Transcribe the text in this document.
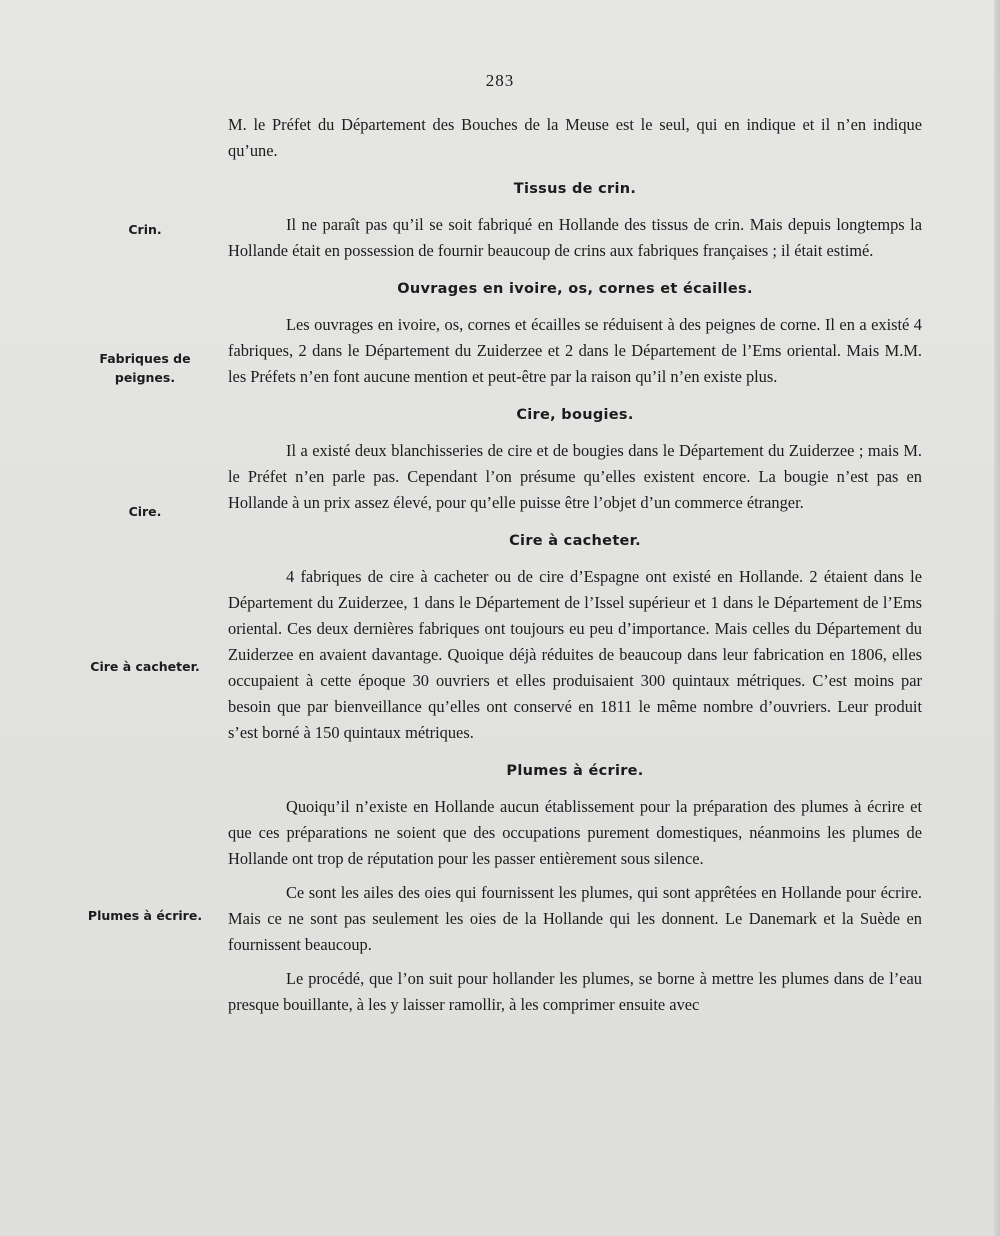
283
Crin.
Fabriques de
peignes.
Cire.
Cire à cacheter.
Plumes à écrire.

M. le Préfet du Département des Bouches de la Meuse est le seul, qui en indique et il n’en indique qu’une.

Tissus de crin.

Il ne paraît pas qu’il se soit fabriqué en Hollande des tissus de crin. Mais depuis longtemps la Hollande était en possession de fournir beaucoup de crins aux fabriques françaises ; il était estimé.

Ouvrages en ivoire, os, cornes et écailles.

Les ouvrages en ivoire, os, cornes et écailles se réduisent à des peignes de corne. Il en a existé 4 fabriques, 2 dans le Département du Zuiderzee et 2 dans le Département de l’Ems oriental. Mais M.M. les Préfets n’en font aucune mention et peut-être par la raison qu’il n’en existe plus.

Cire, bougies.

Il a existé deux blanchisseries de cire et de bougies dans le Département du Zuiderzee ; mais M. le Préfet n’en parle pas. Cependant l’on présume qu’elles existent encore. La bougie n’est pas en Hollande à un prix assez élevé, pour qu’elle puisse être l’objet d’un commerce étranger.

Cire à cacheter.

4 fabriques de cire à cacheter ou de cire d’Espagne ont existé en Hollande. 2 étaient dans le Département du Zuiderzee, 1 dans le Département de l’Issel supérieur et 1 dans le Département de l’Ems oriental. Ces deux dernières fabriques ont toujours eu peu d’importance. Mais celles du Département du Zuiderzee en avaient davantage. Quoique déjà réduites de beaucoup dans leur fabrication en 1806, elles occupaient à cette époque 30 ouvriers et elles produisaient 300 quintaux métriques. C’est moins par besoin que par bienveillance qu’elles ont conservé en 1811 le même nombre d’ouvriers. Leur produit s’est borné à 150 quintaux métriques.

Plumes à écrire.

Quoiqu’il n’existe en Hollande aucun établissement pour la préparation des plumes à écrire et que ces préparations ne soient que des occupations purement domestiques, néanmoins les plumes de Hollande ont trop de réputation pour les passer entièrement sous silence.

Ce sont les ailes des oies qui fournissent les plumes, qui sont apprêtées en Hollande pour écrire. Mais ce ne sont pas seulement les oies de la Hollande qui les donnent. Le Danemark et la Suède en fournissent beaucoup.

Le procédé, que l’on suit pour hollander les plumes, se borne à mettre les plumes dans de l’eau presque bouillante, à les y laisser ramollir, à les comprimer ensuite avec
